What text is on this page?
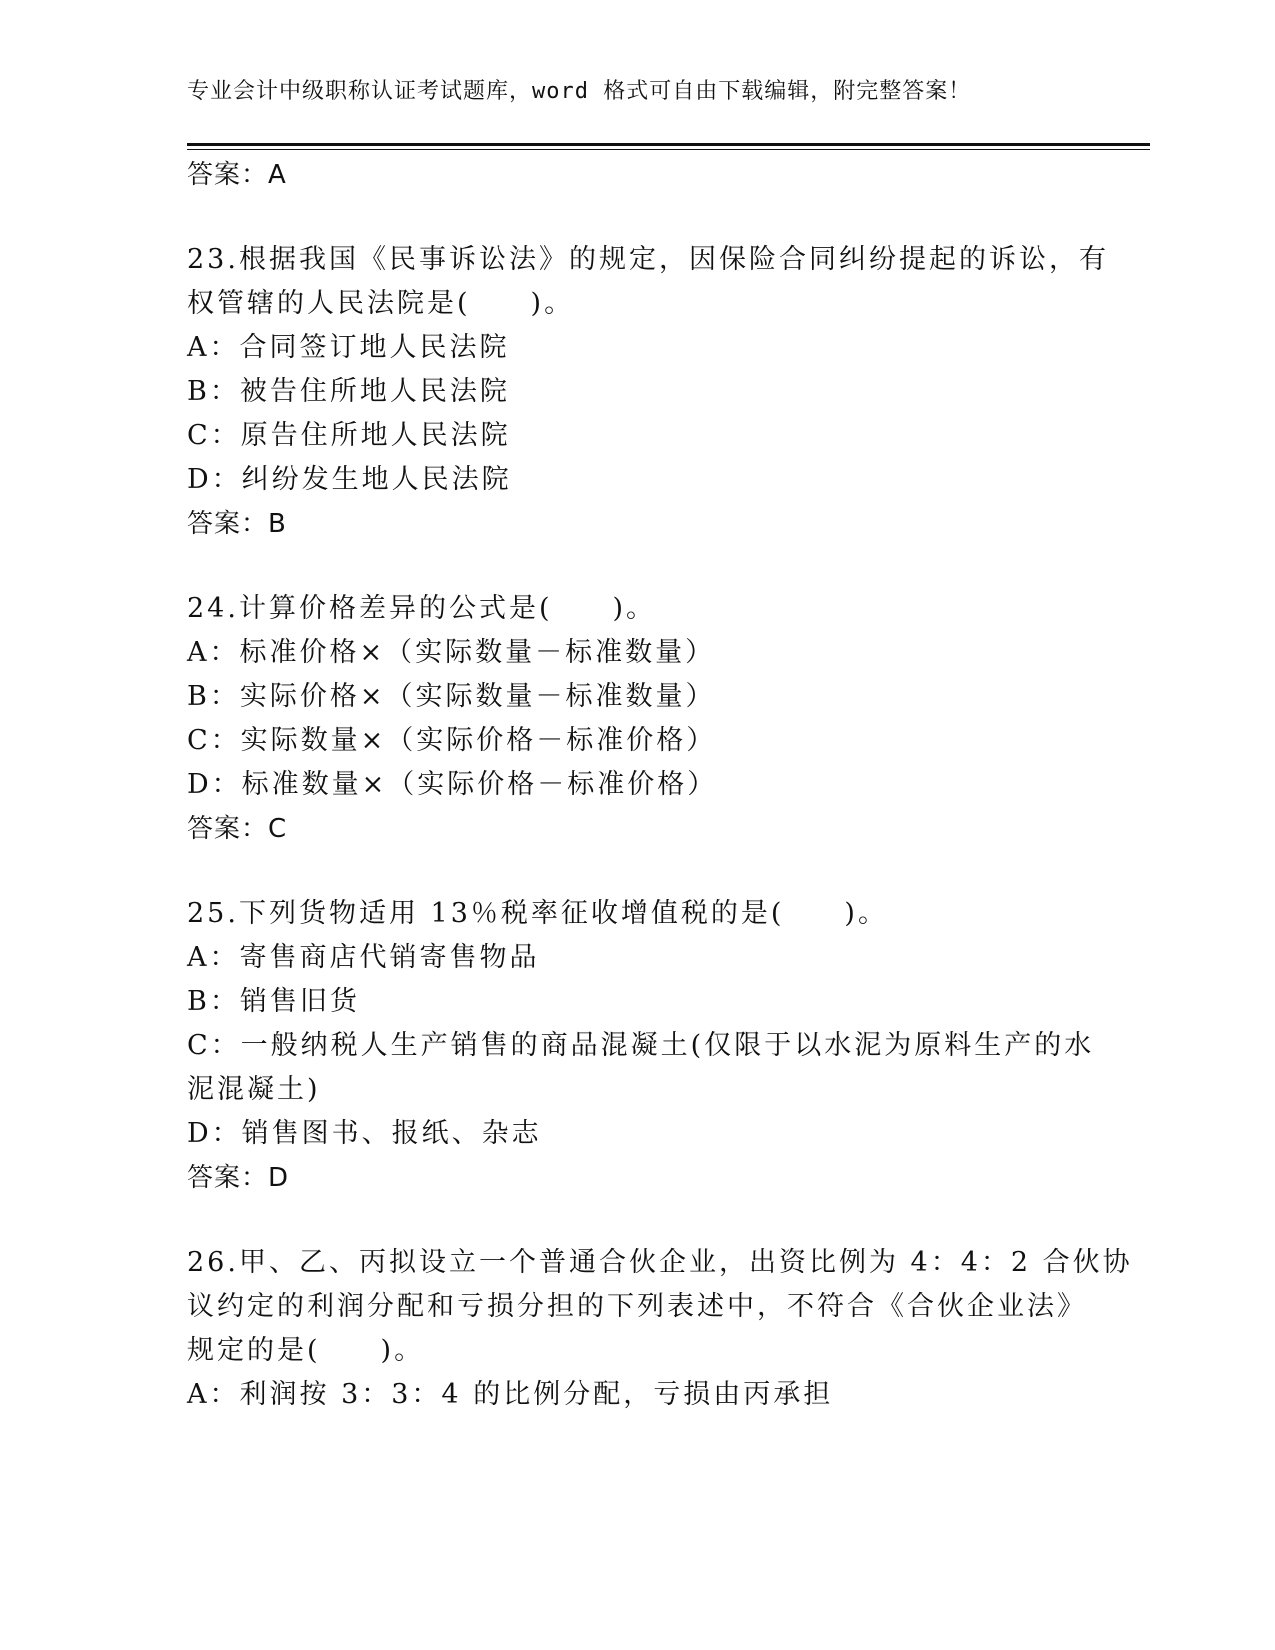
专业会计中级职称认证考试题库，word 格式可自由下载编辑，附完整答案！
答案：A
23.根据我国《民事诉讼法》的规定，因保险合同纠纷提起的诉讼，有
权管辖的人民法院是(　　)。
A：合同签订地人民法院
B：被告住所地人民法院
C：原告住所地人民法院
D：纠纷发生地人民法院
答案：B
24.计算价格差异的公式是(　　)。
A：标准价格×（实际数量－标准数量）
B：实际价格×（实际数量－标准数量）
C：实际数量×（实际价格－标准价格）
D：标准数量×（实际价格－标准价格）
答案：C
25.下列货物适用 13％税率征收增值税的是(　　)。
A：寄售商店代销寄售物品
B：销售旧货
C：一般纳税人生产销售的商品混凝土(仅限于以水泥为原料生产的水
泥混凝土)
D：销售图书、报纸、杂志
答案：D
26.甲、乙、丙拟设立一个普通合伙企业，出资比例为 4：4：2 合伙协
议约定的利润分配和亏损分担的下列表述中，不符合《合伙企业法》
规定的是(　　)。
A：利润按 3：3：4 的比例分配，亏损由丙承担
